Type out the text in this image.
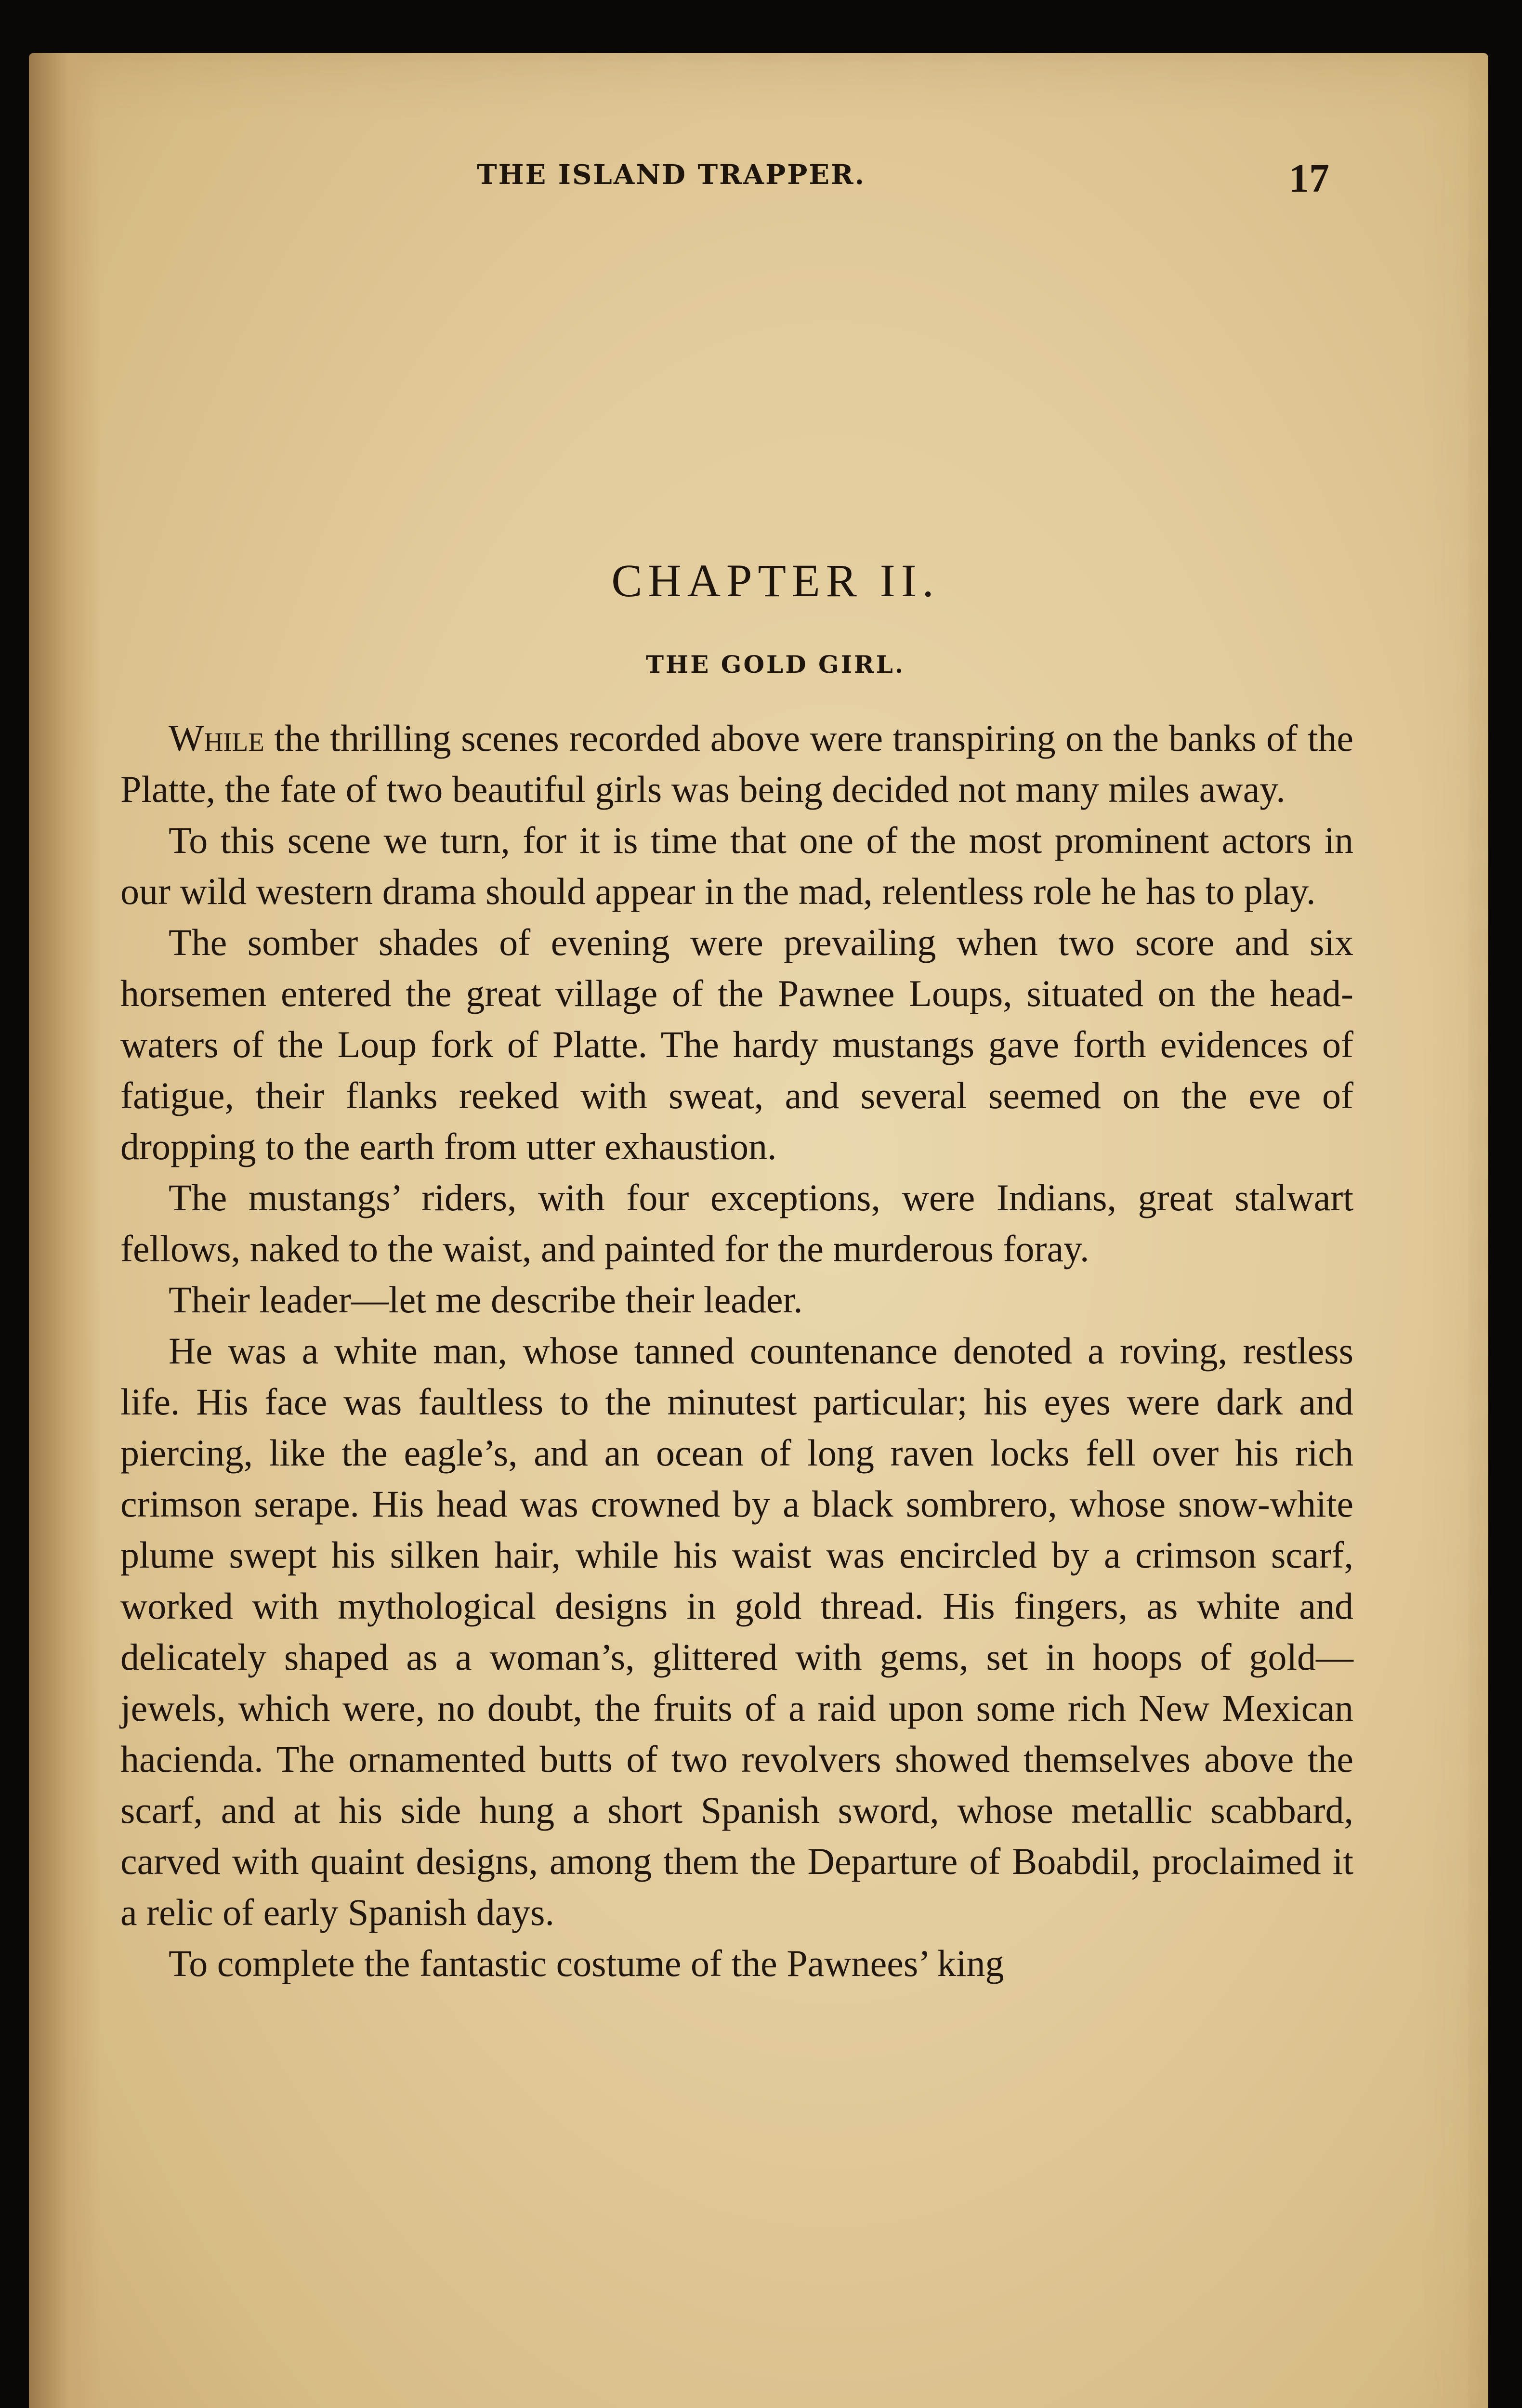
THE ISLAND TRAPPER.	17
CHAPTER II.
THE GOLD GIRL.

While the thrilling scenes recorded above were transpiring on the banks of the Platte, the fate of two beautiful girls was being decided not many miles away.

To this scene we turn, for it is time that one of the most prominent actors in our wild western drama should appear in the mad, relentless role he has to play.

The somber shades of evening were prevailing when two score and six horsemen entered the great village of the Pawnee Loups, situated on the head-waters of the Loup fork of Platte. The hardy mustangs gave forth evidences of fatigue, their flanks reeked with sweat, and several seemed on the eve of dropping to the earth from utter exhaustion.

The mustangs’ riders, with four exceptions, were Indians, great stalwart fellows, naked to the waist, and painted for the murderous foray.

Their leader—let me describe their leader.

He was a white man, whose tanned countenance denoted a roving, restless life. His face was faultless to the minutest particular; his eyes were dark and piercing, like the eagle’s, and an ocean of long raven locks fell over his rich crimson serape. His head was crowned by a black sombrero, whose snow-white plume swept his silken hair, while his waist was encircled by a crimson scarf, worked with mythological designs in gold thread. His fingers, as white and delicately shaped as a woman’s, glittered with gems, set in hoops of gold—jewels, which were, no doubt, the fruits of a raid upon some rich New Mexican hacienda. The ornamented butts of two revolvers showed themselves above the scarf, and at his side hung a short Spanish sword, whose metallic scabbard, carved with quaint designs, among them the Departure of Boabdil, proclaimed it a relic of early Spanish days.

To complete the fantastic costume of the Pawnees’ king
